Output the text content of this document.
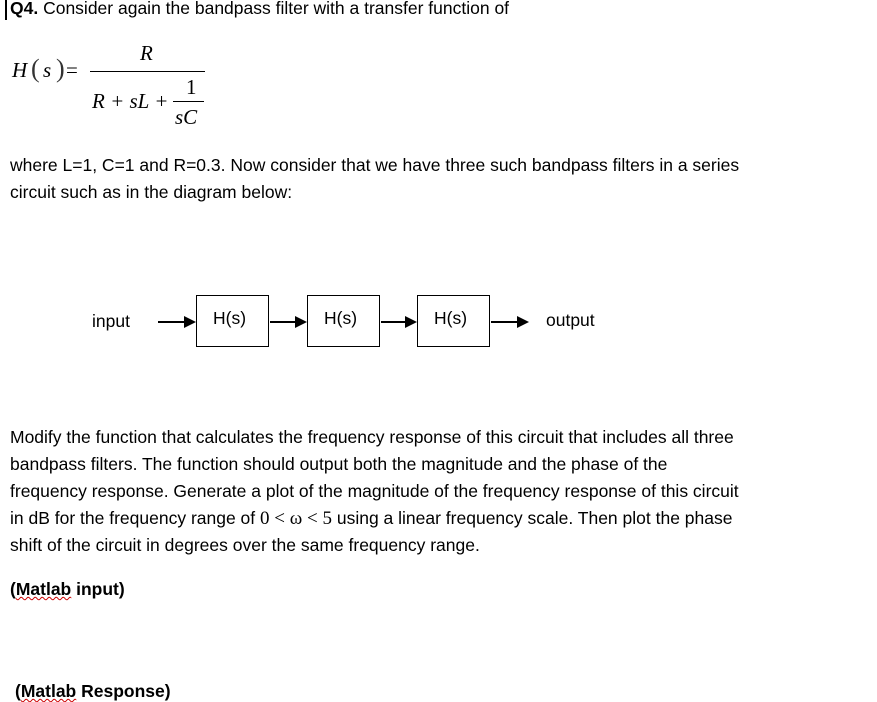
Q4. Consider again the bandpass filter with a transfer function of
H ( s ) =
R
R + sL +
1
sC
where L=1, C=1 and R=0.3. Now consider that we have three such bandpass filters in a series
circuit such as in the diagram below:
input	H(s)	H(s)	H(s)	output
Modify the function that calculates the frequency response of this circuit that includes all three
bandpass filters. The function should output both the magnitude and the phase of the
frequency response. Generate a plot of the magnitude of the frequency response of this circuit
in dB for the frequency range of 0 < ω < 5 using a linear frequency scale. Then plot the phase
shift of the circuit in degrees over the same frequency range.
(Matlab input)
(Matlab Response)
